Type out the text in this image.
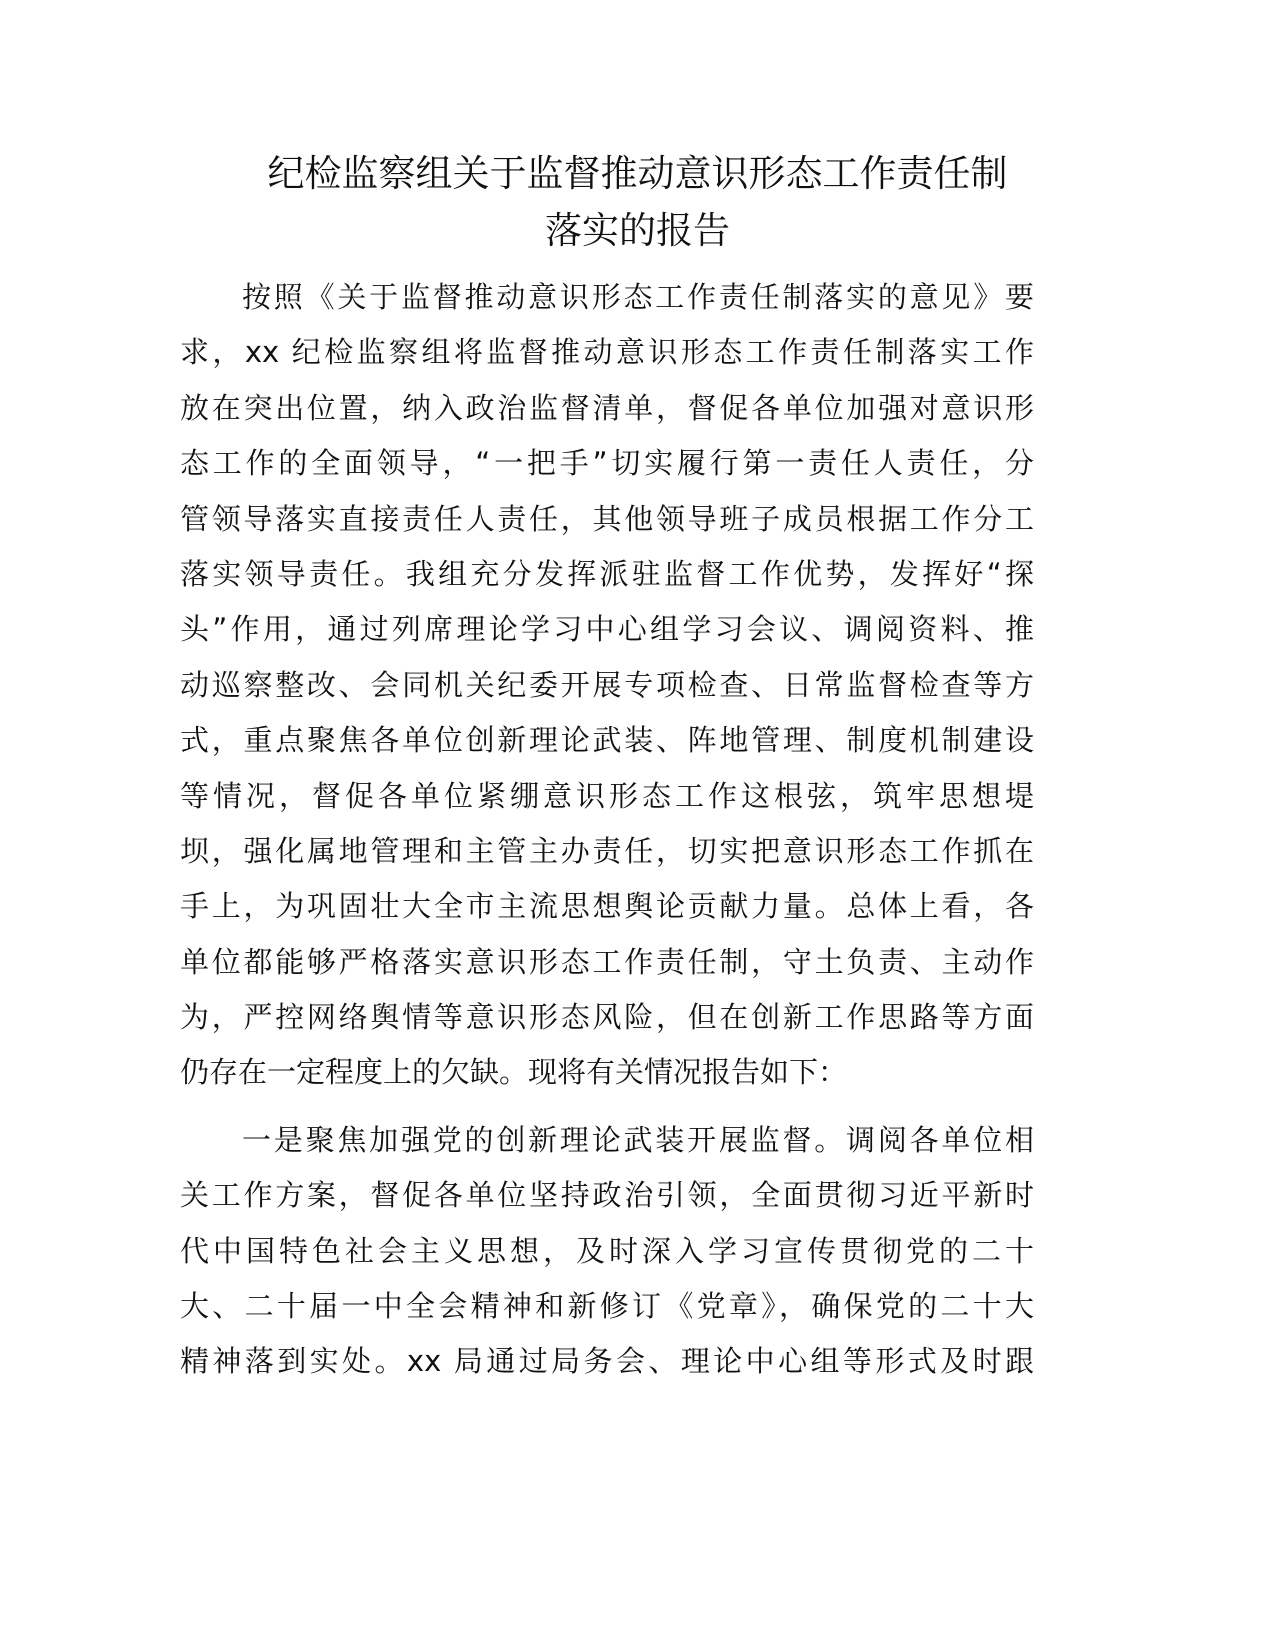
纪检监察组关于监督推动意识形态工作责任制
落实的报告
按照《关于监督推动意识形态工作责任制落实的意见》要
求，xx 纪检监察组将监督推动意识形态工作责任制落实工作
放在突出位置，纳入政治监督清单，督促各单位加强对意识形
态工作的全面领导，“一把手”切实履行第一责任人责任，分
管领导落实直接责任人责任，其他领导班子成员根据工作分工
落实领导责任。我组充分发挥派驻监督工作优势，发挥好“探
头”作用，通过列席理论学习中心组学习会议、调阅资料、推
动巡察整改、会同机关纪委开展专项检查、日常监督检查等方
式，重点聚焦各单位创新理论武装、阵地管理、制度机制建设
等情况，督促各单位紧绷意识形态工作这根弦，筑牢思想堤
坝，强化属地管理和主管主办责任，切实把意识形态工作抓在
手上，为巩固壮大全市主流思想舆论贡献力量。总体上看，各
单位都能够严格落实意识形态工作责任制，守土负责、主动作
为，严控网络舆情等意识形态风险，但在创新工作思路等方面
仍存在一定程度上的欠缺。现将有关情况报告如下：
一是聚焦加强党的创新理论武装开展监督。调阅各单位相
关工作方案，督促各单位坚持政治引领，全面贯彻习近平新时
代中国特色社会主义思想，及时深入学习宣传贯彻党的二十
大、二十届一中全会精神和新修订《党章》，确保党的二十大
精神落到实处。xx 局通过局务会、理论中心组等形式及时跟
